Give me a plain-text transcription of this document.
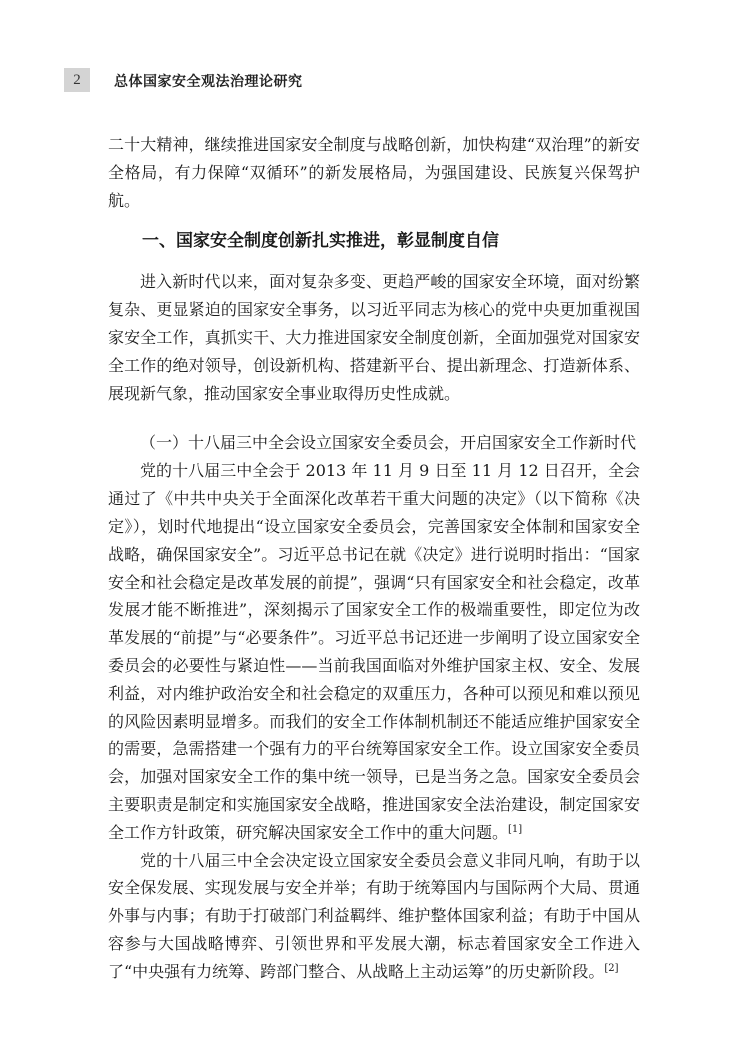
2	总体国家安全观法治理论研究

二十大精神，继续推进国家安全制度与战略创新，加快构建“双治理”的新安全格局，有力保障“双循环”的新发展格局，为强国建设、民族复兴保驾护航。

一、国家安全制度创新扎实推进，彰显制度自信

进入新时代以来，面对复杂多变、更趋严峻的国家安全环境，面对纷繁复杂、更显紧迫的国家安全事务，以习近平同志为核心的党中央更加重视国家安全工作，真抓实干、大力推进国家安全制度创新，全面加强党对国家安全工作的绝对领导，创设新机构、搭建新平台、提出新理念、打造新体系、展现新气象，推动国家安全事业取得历史性成就。

（一）十八届三中全会设立国家安全委员会，开启国家安全工作新时代

党的十八届三中全会于 2013 年 11 月 9 日至 11 月 12 日召开，全会通过了《中共中央关于全面深化改革若干重大问题的决定》（以下简称《决定》），划时代地提出“设立国家安全委员会，完善国家安全体制和国家安全战略，确保国家安全”。习近平总书记在就《决定》进行说明时指出：“国家安全和社会稳定是改革发展的前提”，强调“只有国家安全和社会稳定，改革发展才能不断推进”，深刻揭示了国家安全工作的极端重要性，即定位为改革发展的“前提”与“必要条件”。习近平总书记还进一步阐明了设立国家安全委员会的必要性与紧迫性——当前我国面临对外维护国家主权、安全、发展利益，对内维护政治安全和社会稳定的双重压力，各种可以预见和难以预见的风险因素明显增多。而我们的安全工作体制机制还不能适应维护国家安全的需要，急需搭建一个强有力的平台统筹国家安全工作。设立国家安全委员会，加强对国家安全工作的集中统一领导，已是当务之急。国家安全委员会主要职责是制定和实施国家安全战略，推进国家安全法治建设，制定国家安全工作方针政策，研究解决国家安全工作中的重大问题。[1]

党的十八届三中全会决定设立国家安全委员会意义非同凡响，有助于以安全保发展、实现发展与安全并举；有助于统筹国内与国际两个大局、贯通外事与内事；有助于打破部门利益羁绊、维护整体国家利益；有助于中国从容参与大国战略博弈、引领世界和平发展大潮，标志着国家安全工作进入了“中央强有力统筹、跨部门整合、从战略上主动运筹”的历史新阶段。[2]
